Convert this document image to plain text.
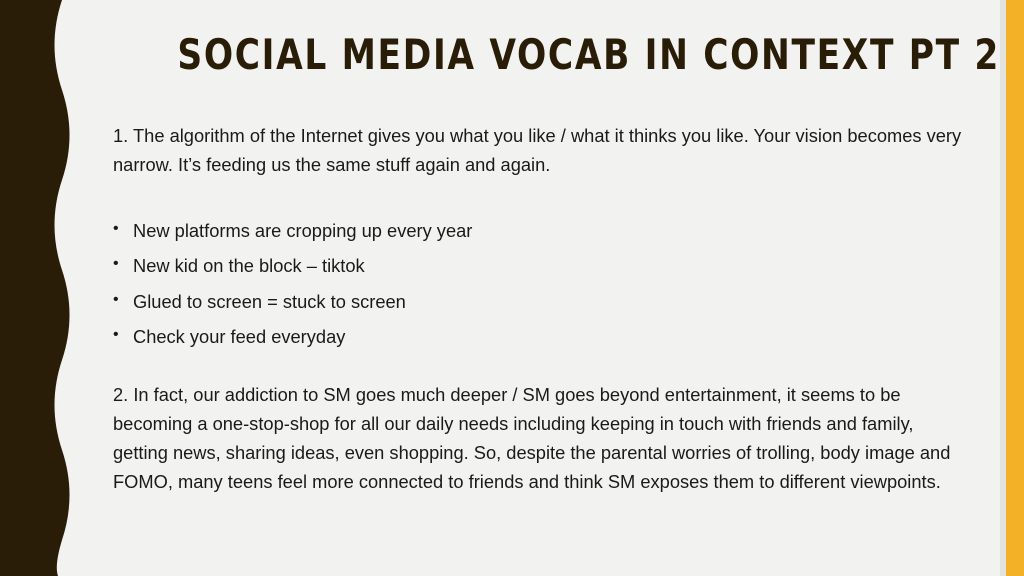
SOCIAL MEDIA VOCAB IN CONTEXT PT 2

1. The algorithm of the Internet gives you what you like / what it thinks you like. Your vision becomes very narrow. It’s feeding us the same stuff again and again.

• New platforms are cropping up every year
• New kid on the block – tiktok
• Glued to screen = stuck to screen
• Check your feed everyday

2. In fact, our addiction to SM goes much deeper / SM goes beyond entertainment, it seems to be becoming a one-stop-shop for all our daily needs including keeping in touch with friends and family, getting news, sharing ideas, even shopping. So, despite the parental worries of trolling, body image and FOMO, many teens feel more connected to friends and think SM exposes them to different viewpoints.
